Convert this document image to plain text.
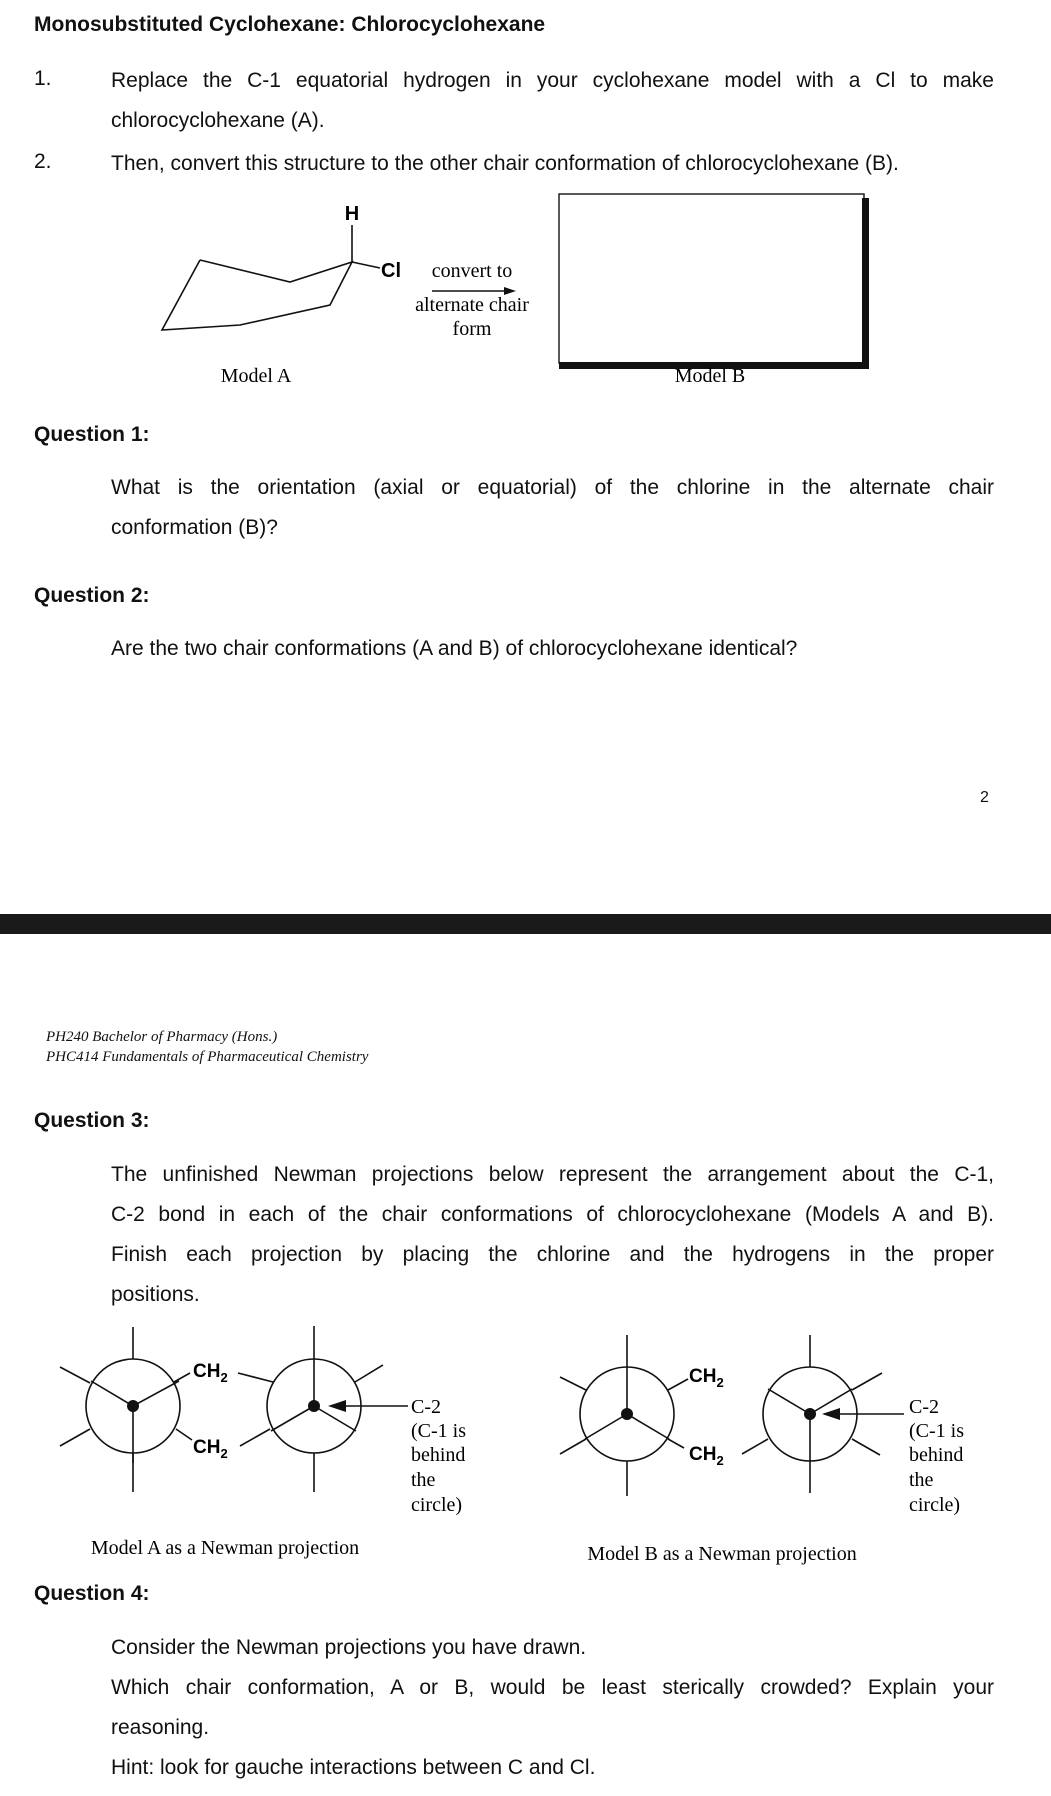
Monosubstituted Cyclohexane: Chlorocyclohexane
1.	Replace the C-1 equatorial hydrogen in your cyclohexane model with a Cl to make
chlorocyclohexane (A).
2.	Then, convert this structure to the other chair conformation of chlorocyclohexane (B).
H
Cl convert to
alternate chair
form
Model A	Model B
Question 1:
What is the orientation (axial or equatorial) of the chlorine in the alternate chair
conformation (B)?
Question 2:
Are the two chair conformations (A and B) of chlorocyclohexane identical?
2
PH240 Bachelor of Pharmacy (Hons.)
PHC414 Fundamentals of Pharmaceutical Chemistry
Question 3:
The unfinished Newman projections below represent the arrangement about the C-1,
C-2 bond in each of the chair conformations of chlorocyclohexane (Models A and B).
Finish each projection by placing the chlorine and the hydrogens in the proper
positions.
$CH_2$
$CH_2$
$CH_2$
$CH_2$
C-2
(C-1 is
behind
the
circle)
C-2
(C-1 is
behind
the
circle)
Model A as a Newman projection	Model B as a Newman projection
Question 4:
Consider the Newman projections you have drawn.
Which chair conformation, A or B, would be least sterically crowded? Explain your
reasoning.
Hint: look for gauche interactions between C and Cl.
